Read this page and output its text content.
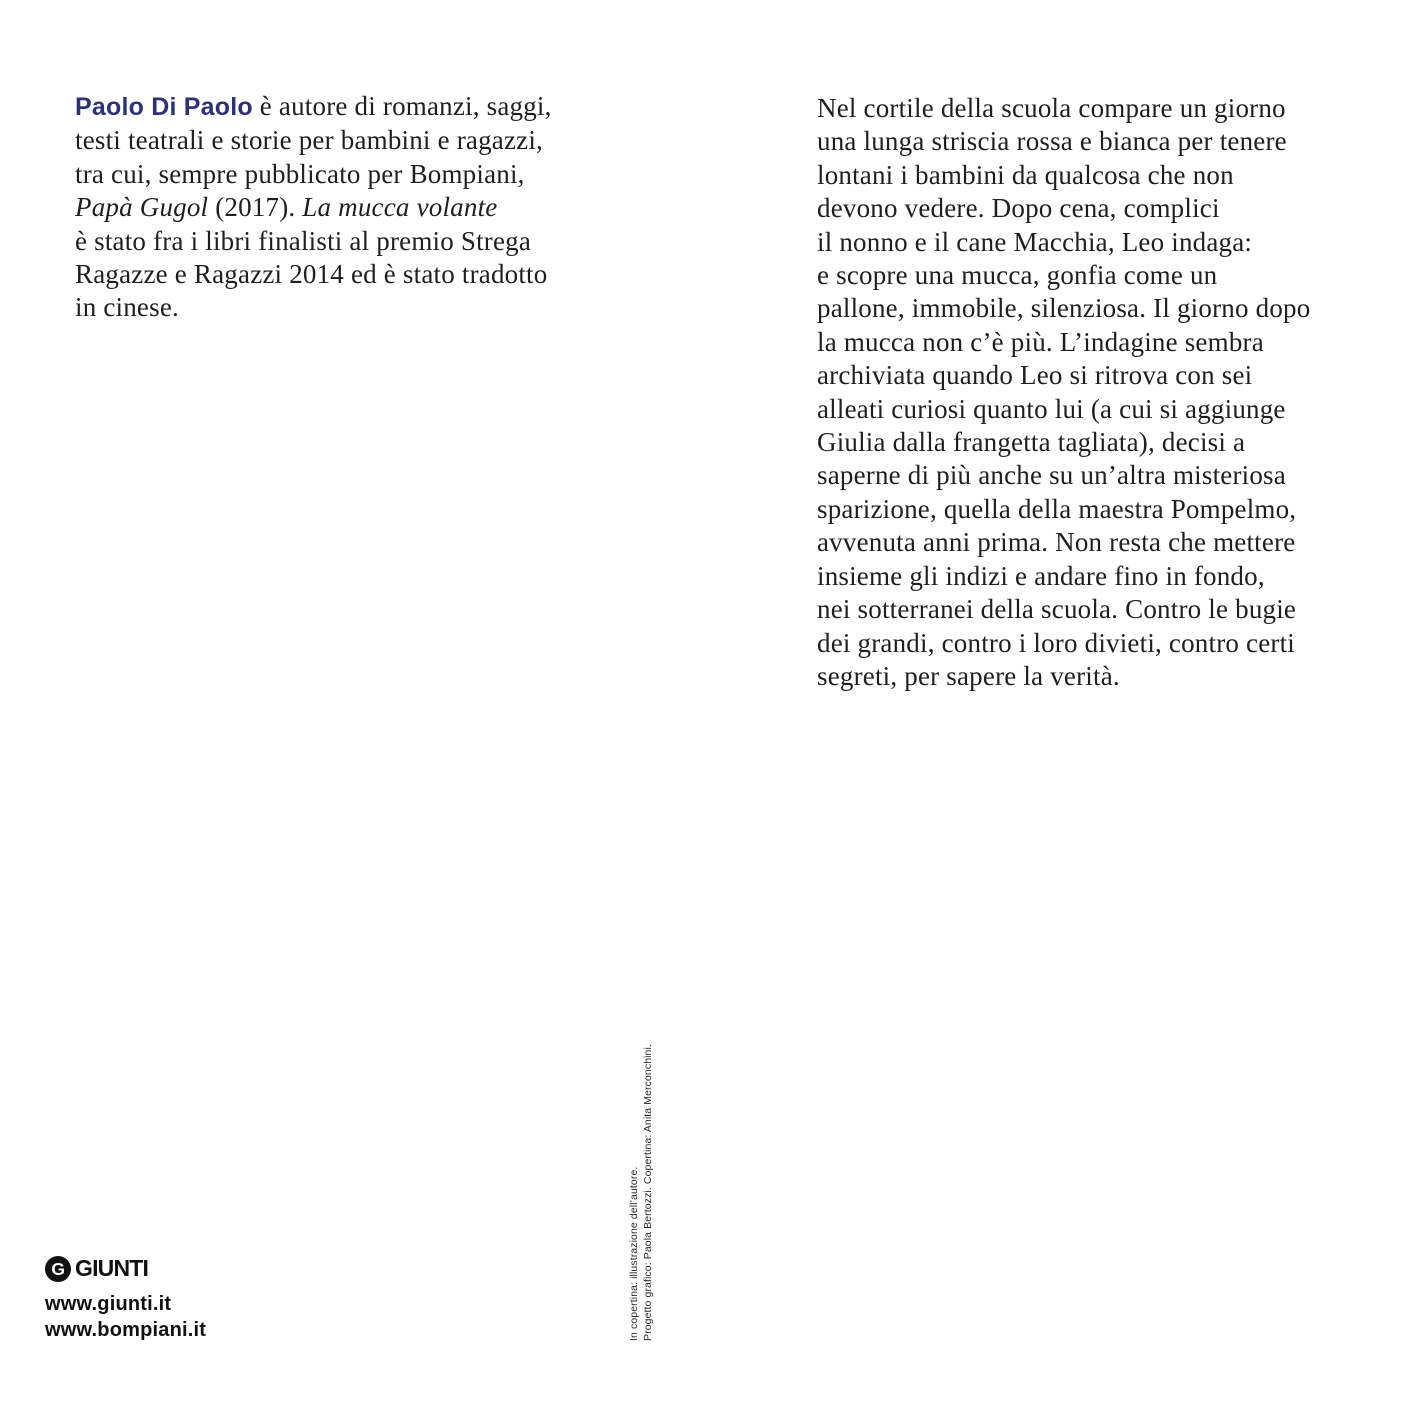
Paolo Di Paolo è autore di romanzi, saggi,
testi teatrali e storie per bambini e ragazzi,
tra cui, sempre pubblicato per Bompiani,
Papà Gugol (2017). La mucca volante
è stato fra i libri finalisti al premio Strega
Ragazze e Ragazzi 2014 ed è stato tradotto
in cinese.
Nel cortile della scuola compare un giorno
una lunga striscia rossa e bianca per tenere
lontani i bambini da qualcosa che non
devono vedere. Dopo cena, complici
il nonno e il cane Macchia, Leo indaga:
e scopre una mucca, gonfia come un
pallone, immobile, silenziosa. Il giorno dopo
la mucca non c’è più. L’indagine sembra
archiviata quando Leo si ritrova con sei
alleati curiosi quanto lui (a cui si aggiunge
Giulia dalla frangetta tagliata), decisi a
saperne di più anche su un’altra misteriosa
sparizione, quella della maestra Pompelmo,
avvenuta anni prima. Non resta che mettere
insieme gli indizi e andare fino in fondo,
nei sotterranei della scuola. Contro le bugie
dei grandi, contro i loro divieti, contro certi
segreti, per sapere la verità.
In copertina: illustrazione dell’autore. Progetto grafico: Paola Bertozzi. Copertina: Anita Merconchini.
G GIUNTI
www.giunti.it
www.bompiani.it
